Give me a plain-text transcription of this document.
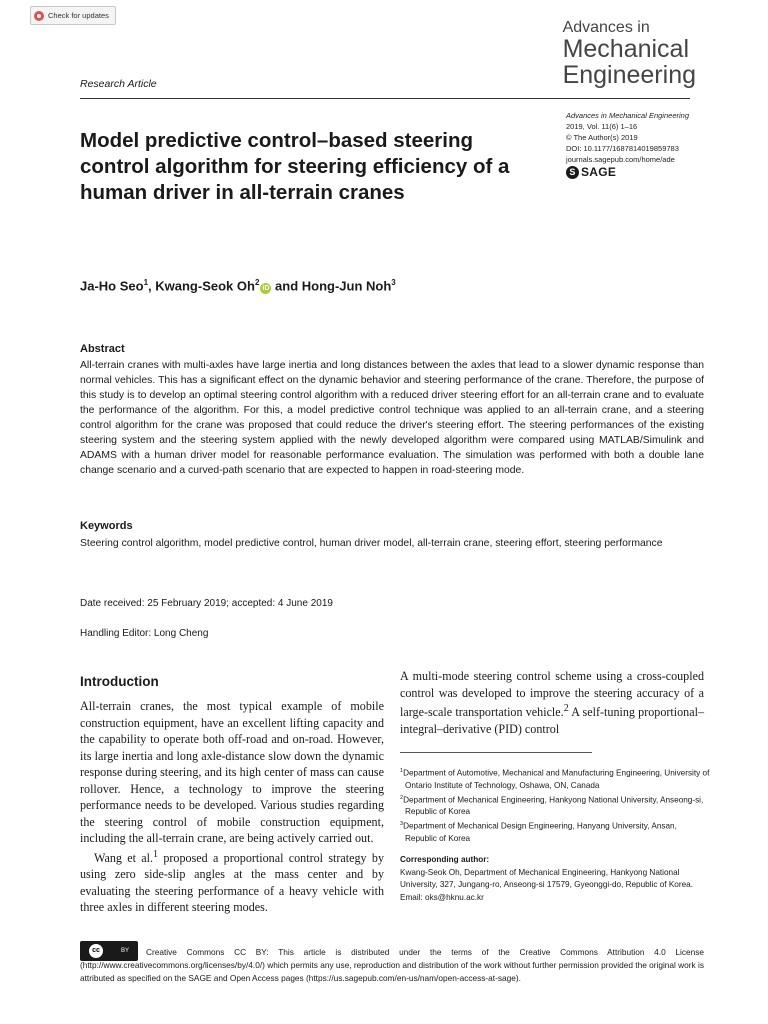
Check for updates
Advances in
Mechanical
Engineering
Research Article
Advances in Mechanical Engineering
2019, Vol. 11(6) 1–16
© The Author(s) 2019
DOI: 10.1177/1687814019859783
journals.sagepub.com/home/ade
S SAGE
Model predictive control–based steering control algorithm for steering efficiency of a human driver in all-terrain cranes
Ja-Ho Seo$^1$, Kwang-Seok Oh$^2$iD and Hong-Jun Noh$^3$
Abstract
All-terrain cranes with multi-axles have large inertia and long distances between the axles that lead to a slower dynamic response than normal vehicles. This has a significant effect on the dynamic behavior and steering performance of the crane. Therefore, the purpose of this study is to develop an optimal steering control algorithm with a reduced driver steering effort for an all-terrain crane and to evaluate the performance of the algorithm. For this, a model predictive control technique was applied to an all-terrain crane, and a steering control algorithm for the crane was proposed that could reduce the driver's steering effort. The steering performances of the existing steering system and the steering system applied with the newly developed algorithm were compared using MATLAB/Simulink and ADAMS with a human driver model for reasonable performance evaluation. The simulation was performed with both a double lane change scenario and a curved-path scenario that are expected to happen in road-steering mode.
Keywords
Steering control algorithm, model predictive control, human driver model, all-terrain crane, steering effort, steering performance
Date received: 25 February 2019; accepted: 4 June 2019
Handling Editor: Long Cheng
Introduction

All-terrain cranes, the most typical example of mobile construction equipment, have an excellent lifting capacity and the capability to operate both off-road and on-road. However, its large inertia and long axle-distance slow down the dynamic response during steering, and its high center of mass can cause rollover. Hence, a technology to improve the steering performance needs to be developed. Various studies regarding the steering control of mobile construction equipment, including the all-terrain crane, are being actively carried out.

Wang et al.$^1$ proposed a proportional control strategy by using zero side-slip angles at the mass center and by evaluating the steering performance of a heavy vehicle with three axles in different steering modes.

A multi-mode steering control scheme using a cross-coupled control was developed to improve the steering accuracy of a large-scale transportation vehicle.$^2$ A self-tuning proportional–integral–derivative (PID) control
$^1$Department of Automotive, Mechanical and Manufacturing Engineering, University of Ontario Institute of Technology, Oshawa, ON, Canada
$^2$Department of Mechanical Engineering, Hankyong National University, Anseong-si, Republic of Korea
$^3$Department of Mechanical Design Engineering, Hanyang University, Ansan, Republic of Korea
Corresponding author:
Kwang-Seok Oh, Department of Mechanical Engineering, Hankyong National University, 327, Jungang-ro, Anseong-si 17579, Gyeonggi-do, Republic of Korea.
Email: oks@hknu.ac.kr
cc	BY	Creative Commons CC BY: This article is distributed under the terms of the Creative Commons Attribution 4.0 License (http://www.creativecommons.org/licenses/by/4.0/) which permits any use, reproduction and distribution of the work without further permission provided the original work is attributed as specified on the SAGE and Open Access pages (https://us.sagepub.com/en-us/nam/open-access-at-sage).
